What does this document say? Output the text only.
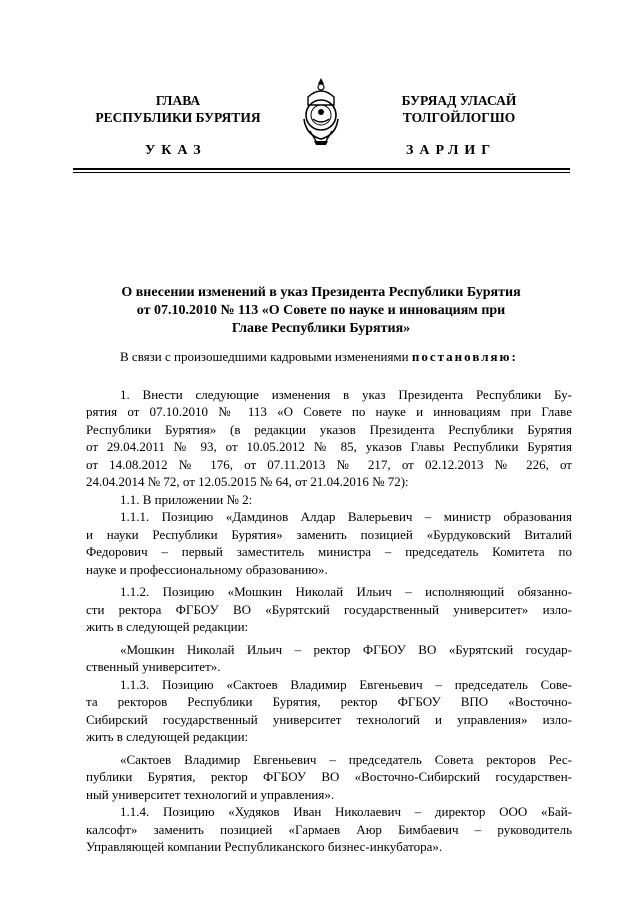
ГЛАВА
РЕСПУБЛИКИ БУРЯТИЯ
БУРЯАД УЛАСАЙ
ТОЛГОЙЛОГШО
УКАЗ	ЗАРЛИГ
О внесении изменений в указ Президента Республики Бурятия
от 07.10.2010 № 113 «О Совете по науке и инновациям при
Главе Республики Бурятия»
В связи с произошедшими кадровыми изменениями постановляю:
1. Внести следующие изменения в указ Президента Республики Бу-
рятия от 07.10.2010 № 113 «О Совете по науке и инновациям при Главе
Республики Бурятия» (в редакции указов Президента Республики Бурятия
от 29.04.2011 № 93, от 10.05.2012 № 85, указов Главы Республики Бурятия
от 14.08.2012 № 176, от 07.11.2013 № 217, от 02.12.2013 № 226, от
24.04.2014 № 72, от 12.05.2015 № 64, от 21.04.2016 № 72):
1.1. В приложении № 2:
1.1.1. Позицию «Дамдинов Алдар Валерьевич – министр образования
и науки Республики Бурятия» заменить позицией «Бурдуковский Виталий
Федорович – первый заместитель министра – председатель Комитета по
науке и профессиональному образованию».
1.1.2. Позицию «Мошкин Николай Ильич – исполняющий обязанно-
сти ректора ФГБОУ ВО «Бурятский государственный университет» изло-
жить в следующей редакции:
«Мошкин Николай Ильич – ректор ФГБОУ ВО «Бурятский государ-
ственный университет».
1.1.3. Позицию «Сактоев Владимир Евгеньевич – председатель Сове-
та ректоров Республики Бурятия, ректор ФГБОУ ВПО «Восточно-
Сибирский государственный университет технологий и управления» изло-
жить в следующей редакции:
«Сактоев Владимир Евгеньевич – председатель Совета ректоров Рес-
публики Бурятия, ректор ФГБОУ ВО «Восточно-Сибирский государствен-
ный университет технологий и управления».
1.1.4. Позицию «Худяков Иван Николаевич – директор ООО «Бай-
калсофт» заменить позицией «Гармаев Аюр Бимбаевич – руководитель
Управляющей компании Республиканского бизнес-инкубатора».
